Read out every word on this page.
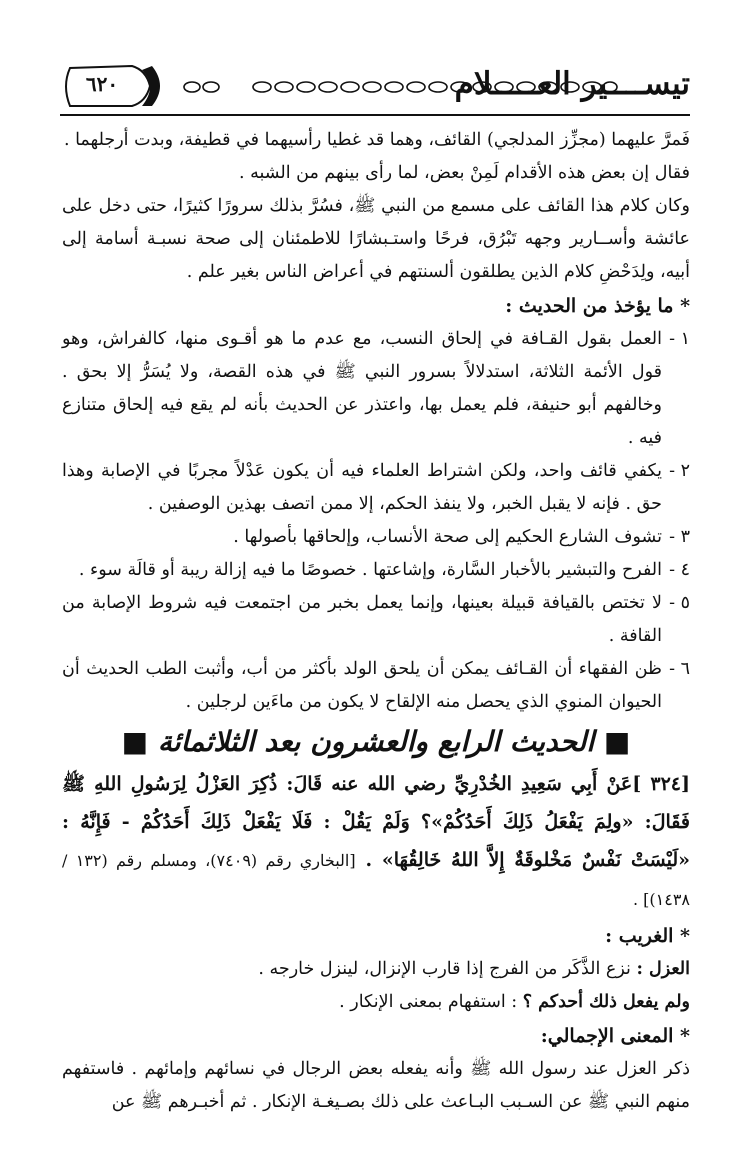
٦٢٠	تيســــير العـــــلام

فَمرَّ عليهما (مجزِّز المدلجي) القائف، وهما قد غطيا رأسيهما في قطيفة، وبدت أرجلهما .

فقال إن بعض هذه الأقدام لَمِنْ بعض، لما رأى بينهم من الشبه .

وكان كلام هذا القائف على مسمع من النبي ﷺ، فسُرَّ بذلك سرورًا كثيرًا، حتى دخل على عائشة وأســارير وجهه تَبْرُق، فرحًا واستـبشارًا للاطمئنان إلى صحة نسبـة أسامة إلى أبيه، ولِدَحْضِ كلام الذين يطلقون ألسنتهم في أعراض الناس بغير علم .

* ما يؤخذ من الحديث :

١ -
العمل بقول القـافة في إلحاق النسب، مع عدم ما هو أقـوى منها، كالفراش، وهو قول الأئمة الثلاثة، استدلالاً بسرور النبي ﷺ في هذه القصة، ولا يُسَرُّ إلا بحق . وخالفهم أبو حنيفة، فلم يعمل بها، واعتذر عن الحديث بأنه لم يقع فيه إلحاق متنازع فيه .
٢ -
يكفي قائف واحد، ولكن اشتراط العلماء فيه أن يكون عَدْلاً مجربًا في الإصابة وهذا حق . فإنه لا يقبل الخبر، ولا ينفذ الحكم، إلا ممن اتصف بهذين الوصفين .
٣ -
تشوف الشارع الحكيم إلى صحة الأنساب، وإلحاقها بأصولها .
٤ -
الفرح والتبشير بالأخبار السَّارة، وإشاعتها . خصوصًا ما فيه إزالة ريبة أو قالَة سوء .
٥ -
لا تختص بالقيافة قبيلة بعينها، وإنما يعمل بخبر من اجتمعت فيه شروط الإصابة من القافة .
٦ -
ظن الفقهاء أن القـائف يمكن أن يلحق الولد بأكثر من أب، وأثبت الطب الحديث أن الحيوان المنوي الذي يحصل منه الإلقاح لا يكون من ماءَين لرجلين .

■ الحديث الرابع والعشرون بعد الثلاثمائة ■

[٣٢٤ ]عَنْ أَبِي سَعِيدِ الخُدْرِيِّ رضي الله عنه قَالَ: ذُكِرَ العَزْلُ لِرَسُولِ اللهِ ﷺ فَقَالَ: «ولِمَ يَفْعَلُ ذَلِكَ أَحَدُكُمْ»؟ وَلَمْ يَقُلْ : فَلَا يَفْعَلْ ذَلِكَ أَحَدُكُمْ - فَإِنَّهُ : «لَيْسَتْ نَفْسٌ مَخْلوقَةٌ إِلاَّ اللهُ خَالِقُهَا» . [البخاري رقم (٧٤٠٩)، ومسلم رقم (١٣٢ / ١٤٣٨)] .

* الغريب :

العزل : نزع الذَّكَر من الفرج إذا قارب الإنزال، لينزل خارجه .

ولم يفعل ذلك أحدكم ؟ : استفهام بمعنى الإنكار .

* المعنى الإجمالي:

ذكر العزل عند رسول الله ﷺ وأنه يفعله بعض الرجال في نسائهم وإمائهم . فاستفهم منهم النبي ﷺ عن السـبب البـاعث على ذلك بصـيغـة الإنكار . ثم أخبـرهم ﷺ عن
